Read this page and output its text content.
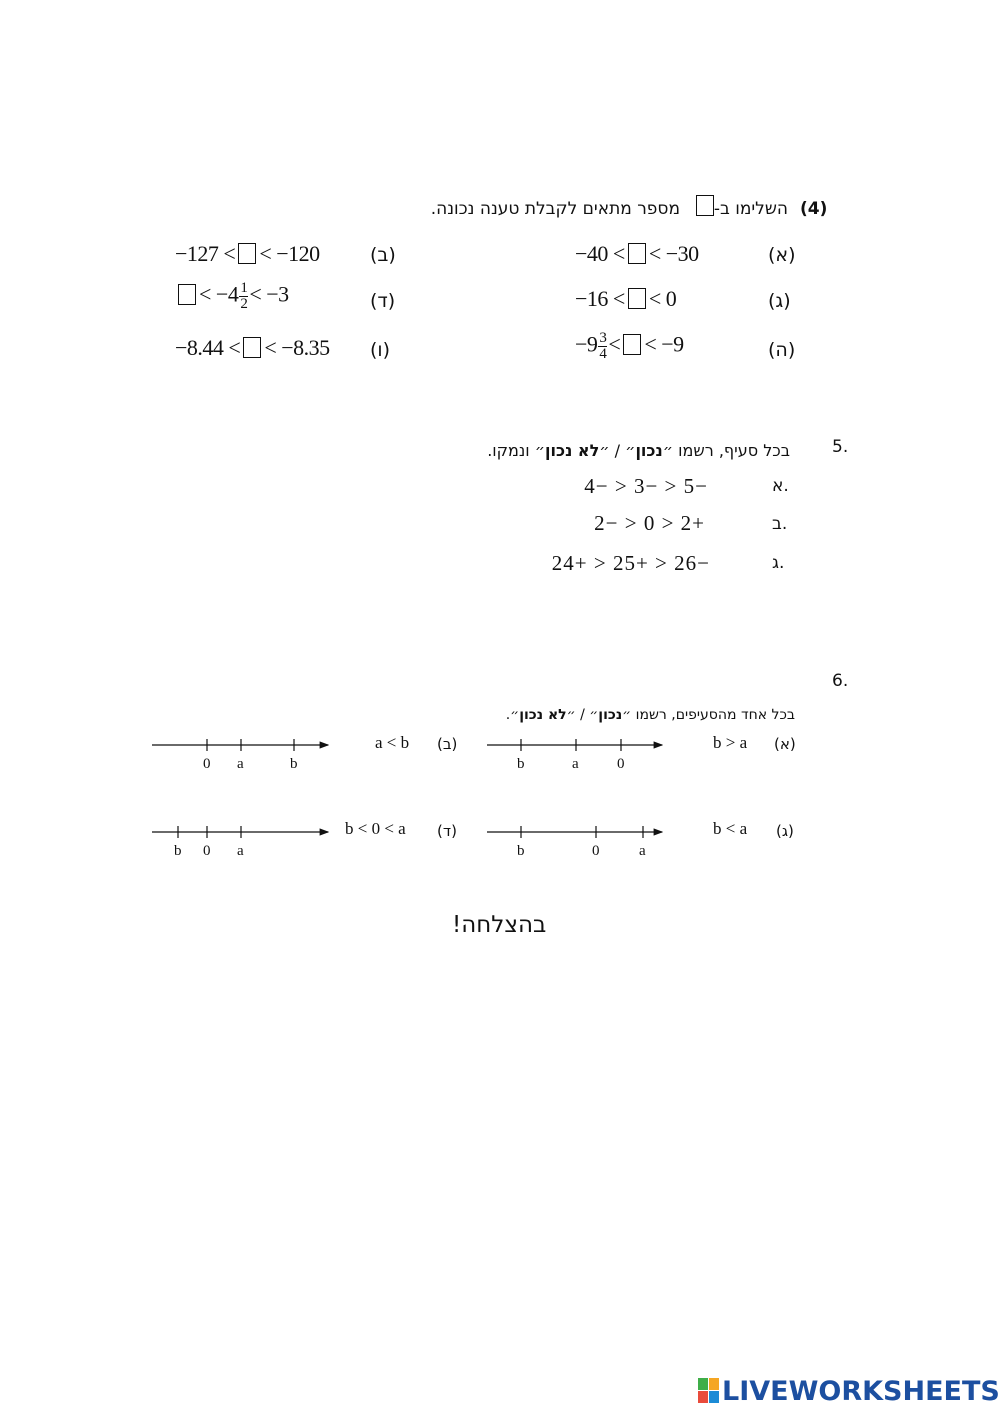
(4)
השלימו ב-
מספר מתאים לקבלת טענה נכונה.
(א)
−40 < < −30
(ב)
−127 < < −120
(ג)
−16 < < 0
(ד)
< $-4 \frac{1}{2} < -3$
(ה)
$-9 \frac{3}{4}$ < < −9
(ו)
−8.44 < < −8.35
5.
בכל סעיף, רשמו ״נכון״ / ״לא נכון״ ונמקו.
א.
−5 < −3 < −4
ב.
+2 < 0 < −2
ג.
−26 < +25 < +24
6.
בכל אחד מהסעיפים, רשמו ״נכון״ / ״לא נכון״.
(א)
b > a
(ב)
a < b
(ג)
b < a
(ד)
b < 0 < a
b	a	0
0 a	b
b	0	a
b 0 a
בהצלחה!
LIVEWORKSHEETS
